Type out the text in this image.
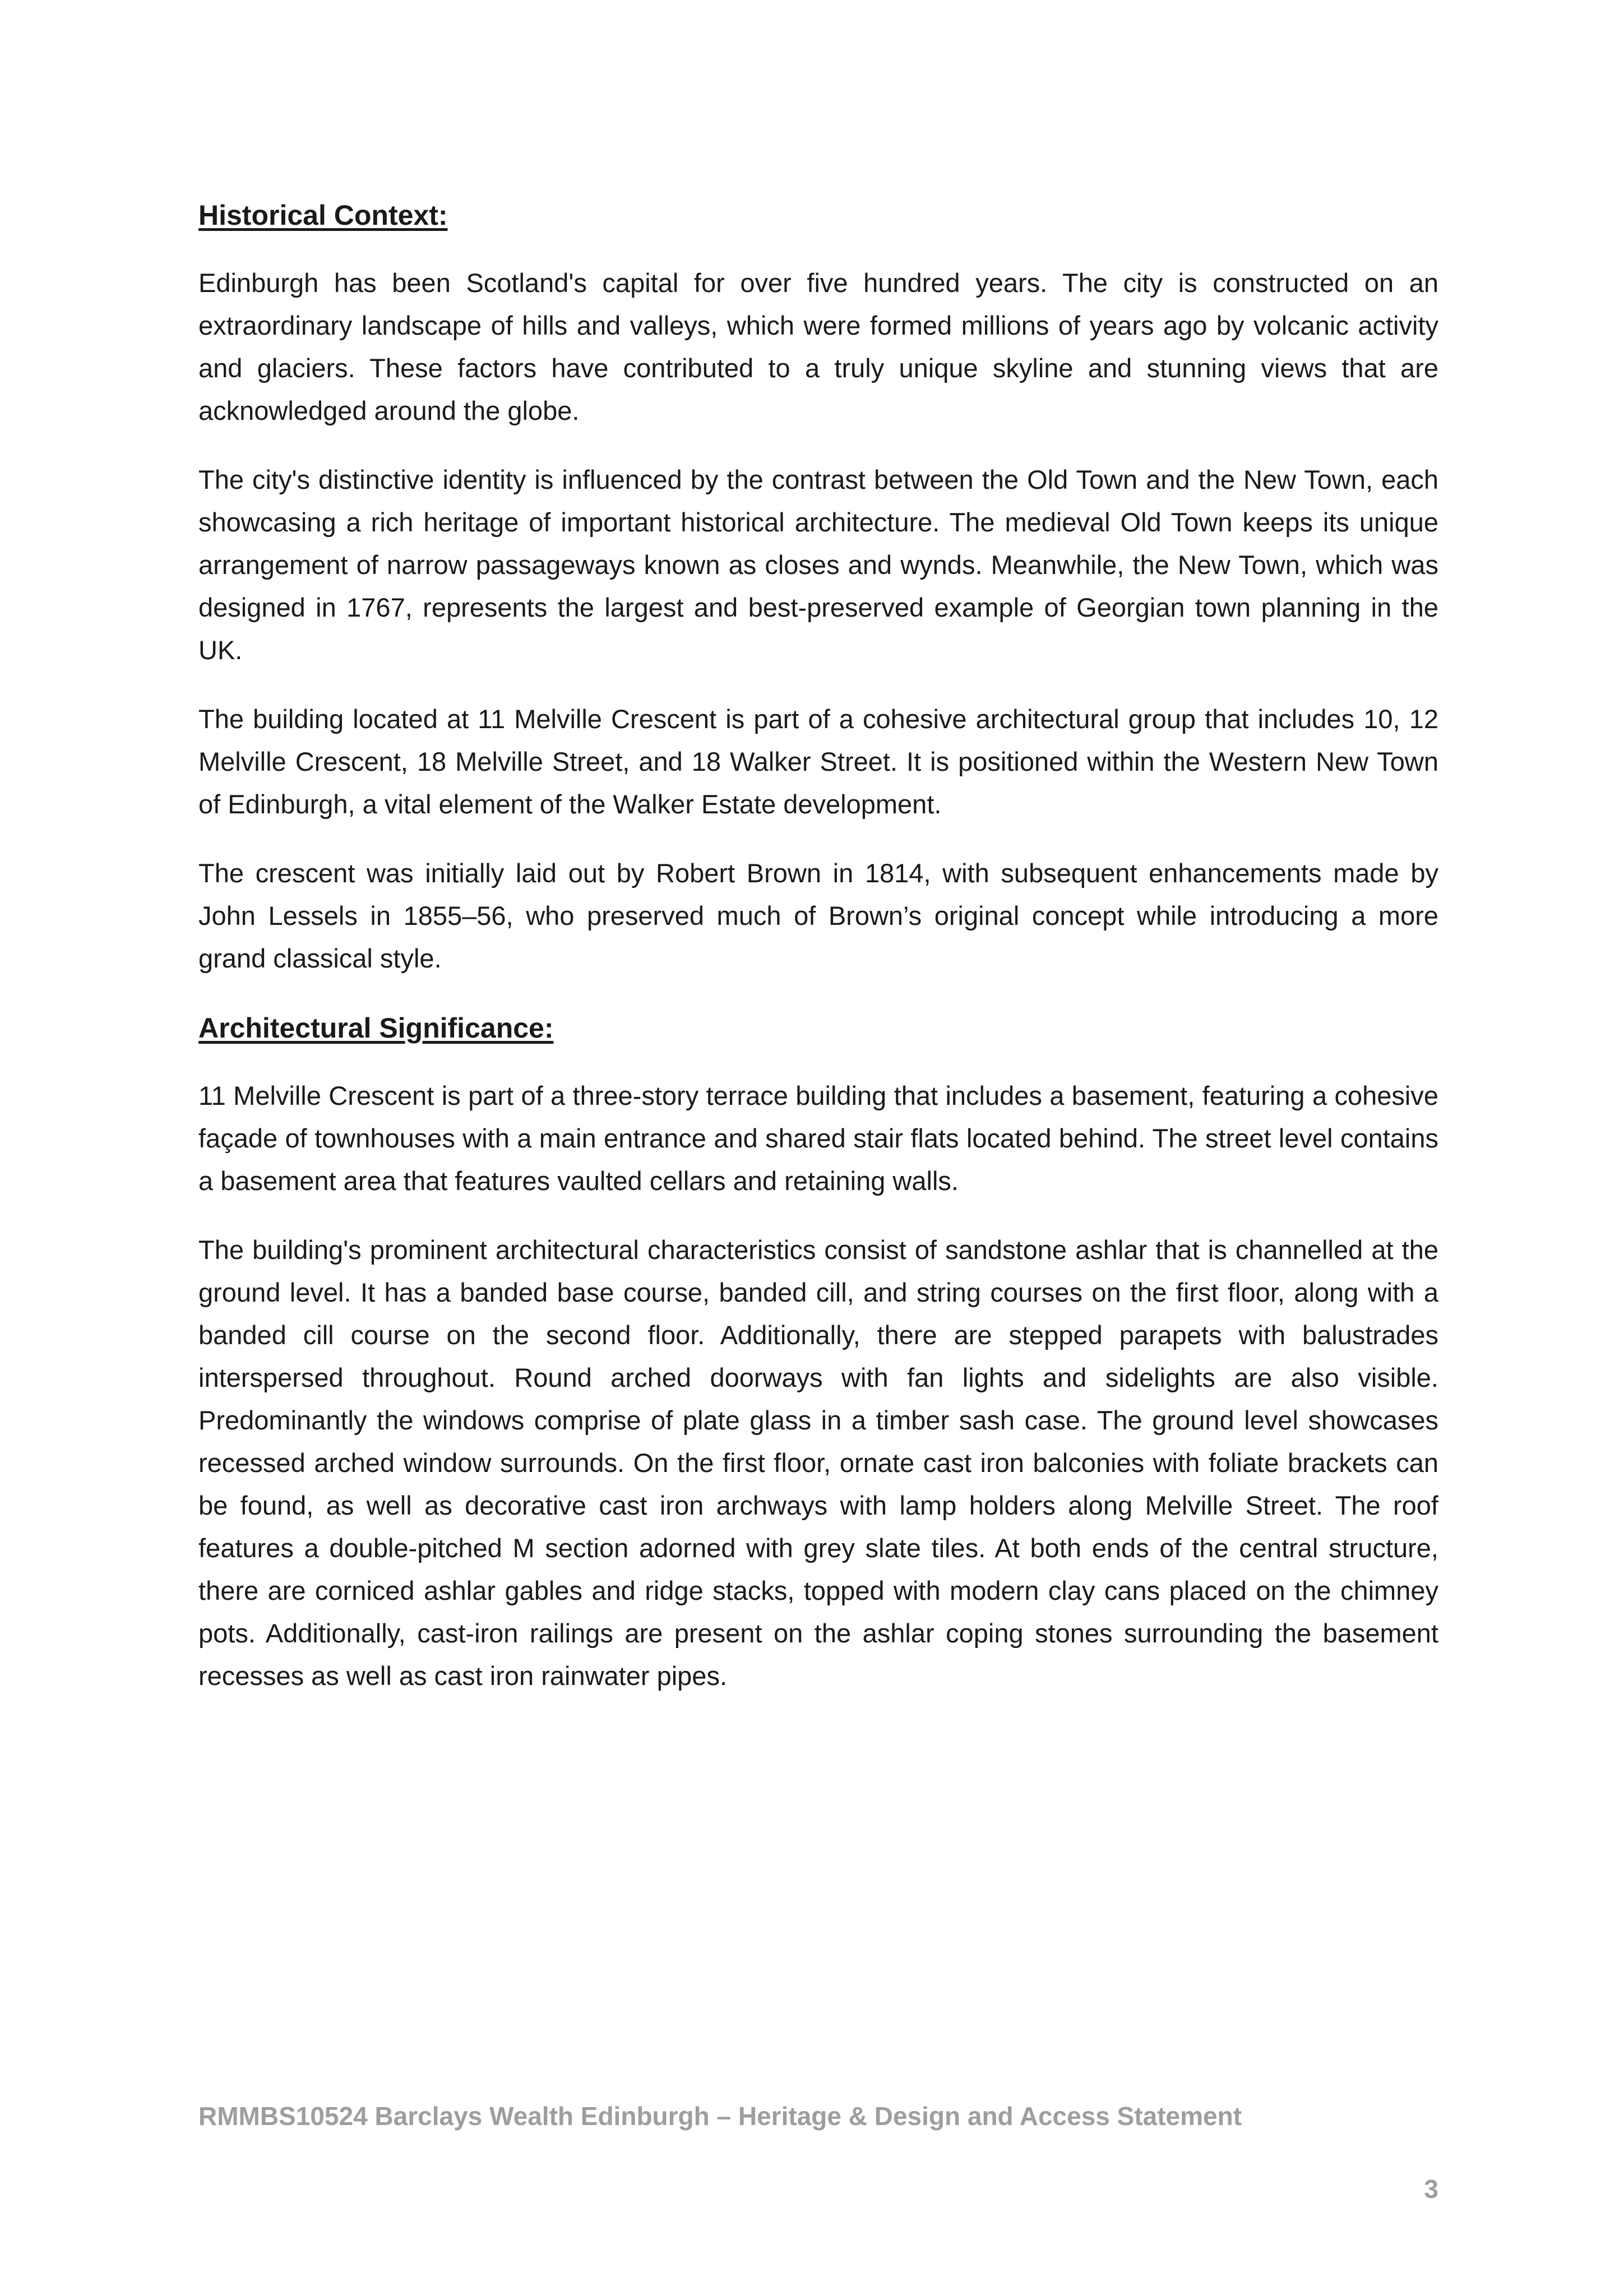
Historical Context:

Edinburgh has been Scotland's capital for over five hundred years. The city is constructed on an extraordinary landscape of hills and valleys, which were formed millions of years ago by volcanic activity and glaciers. These factors have contributed to a truly unique skyline and stunning views that are acknowledged around the globe.

The city's distinctive identity is influenced by the contrast between the Old Town and the New Town, each showcasing a rich heritage of important historical architecture. The medieval Old Town keeps its unique arrangement of narrow passageways known as closes and wynds. Meanwhile, the New Town, which was designed in 1767, represents the largest and best-preserved example of Georgian town planning in the UK.

The building located at 11 Melville Crescent is part of a cohesive architectural group that includes 10, 12 Melville Crescent, 18 Melville Street, and 18 Walker Street. It is positioned within the Western New Town of Edinburgh, a vital element of the Walker Estate development.

The crescent was initially laid out by Robert Brown in 1814, with subsequent enhancements made by John Lessels in 1855–56, who preserved much of Brown’s original concept while introducing a more grand classical style.

Architectural Significance:

11 Melville Crescent is part of a three-story terrace building that includes a basement, featuring a cohesive façade of townhouses with a main entrance and shared stair flats located behind. The street level contains a basement area that features vaulted cellars and retaining walls.

The building's prominent architectural characteristics consist of sandstone ashlar that is channelled at the ground level. It has a banded base course, banded cill, and string courses on the first floor, along with a banded cill course on the second floor. Additionally, there are stepped parapets with balustrades interspersed throughout. Round arched doorways with fan lights and sidelights are also visible. Predominantly the windows comprise of plate glass in a timber sash case. The ground level showcases recessed arched window surrounds. On the first floor, ornate cast iron balconies with foliate brackets can be found, as well as decorative cast iron archways with lamp holders along Melville Street. The roof features a double-pitched M section adorned with grey slate tiles. At both ends of the central structure, there are corniced ashlar gables and ridge stacks, topped with modern clay cans placed on the chimney pots. Additionally, cast-iron railings are present on the ashlar coping stones surrounding the basement recesses as well as cast iron rainwater pipes.

RMMBS10524 Barclays Wealth Edinburgh – Heritage & Design and Access Statement
3
